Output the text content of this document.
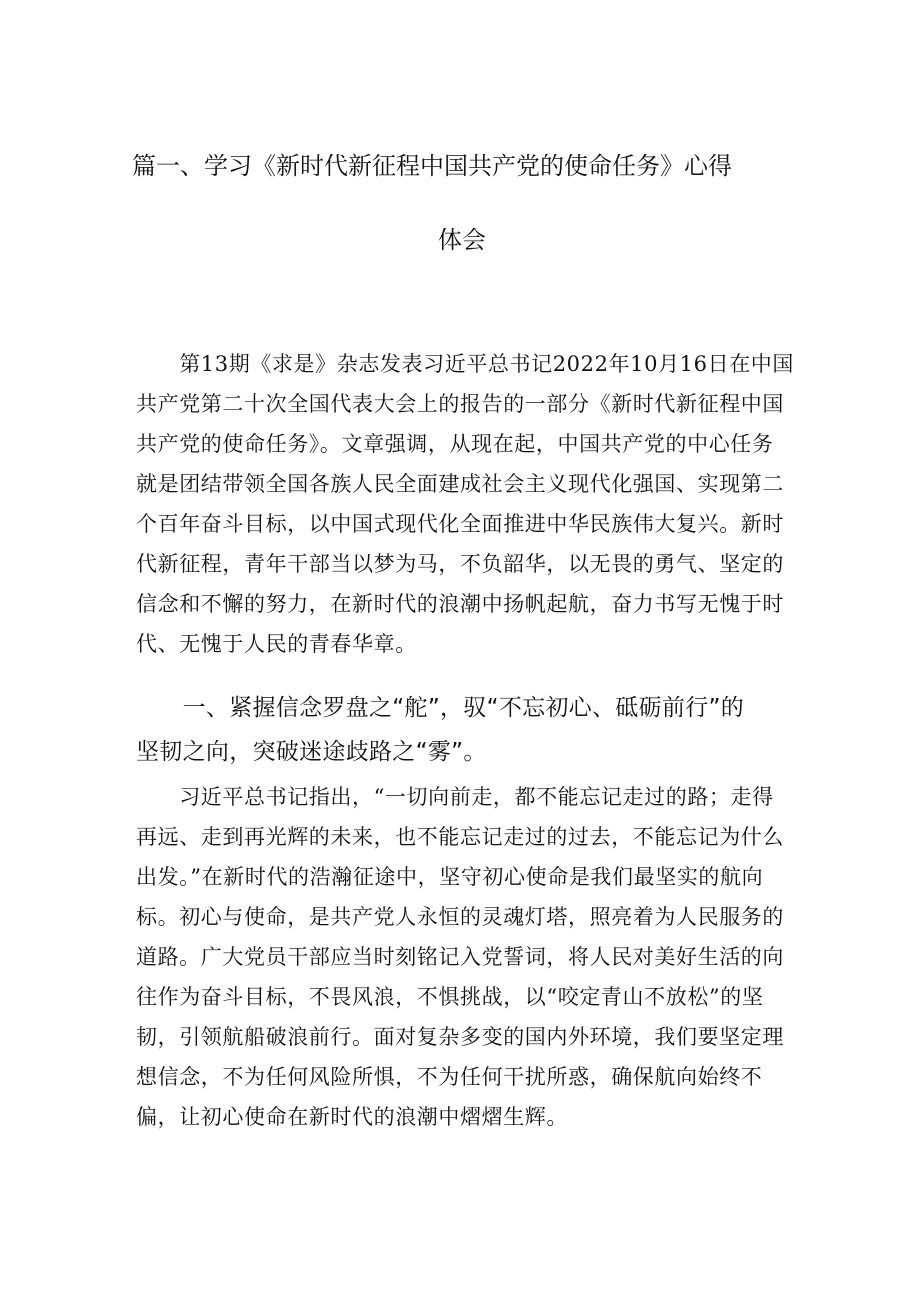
篇一、学习《新时代新征程中国共产党的使命任务》心得
体会
　　第13期《求是》杂志发表习近平总书记2022年10月16日在中国
共产党第二十次全国代表大会上的报告的一部分《新时代新征程中国
共产党的使命任务》。文章强调，从现在起，中国共产党的中心任务
就是团结带领全国各族人民全面建成社会主义现代化强国、实现第二
个百年奋斗目标，以中国式现代化全面推进中华民族伟大复兴。新时
代新征程，青年干部当以梦为马，不负韶华，以无畏的勇气、坚定的
信念和不懈的努力，在新时代的浪潮中扬帆起航，奋力书写无愧于时
代、无愧于人民的青春华章。
　　一、紧握信念罗盘之“舵”，驭“不忘初心、砥砺前行”的
坚韧之向，突破迷途歧路之“雾”。
　　习近平总书记指出，“一切向前走，都不能忘记走过的路；走得
再远、走到再光辉的未来，也不能忘记走过的过去，不能忘记为什么
出发。”在新时代的浩瀚征途中，坚守初心使命是我们最坚实的航向
标。初心与使命，是共产党人永恒的灵魂灯塔，照亮着为人民服务的
道路。广大党员干部应当时刻铭记入党誓词，将人民对美好生活的向
往作为奋斗目标，不畏风浪，不惧挑战，以“咬定青山不放松”的坚
韧，引领航船破浪前行。面对复杂多变的国内外环境，我们要坚定理
想信念，不为任何风险所惧，不为任何干扰所惑，确保航向始终不
偏，让初心使命在新时代的浪潮中熠熠生辉。
